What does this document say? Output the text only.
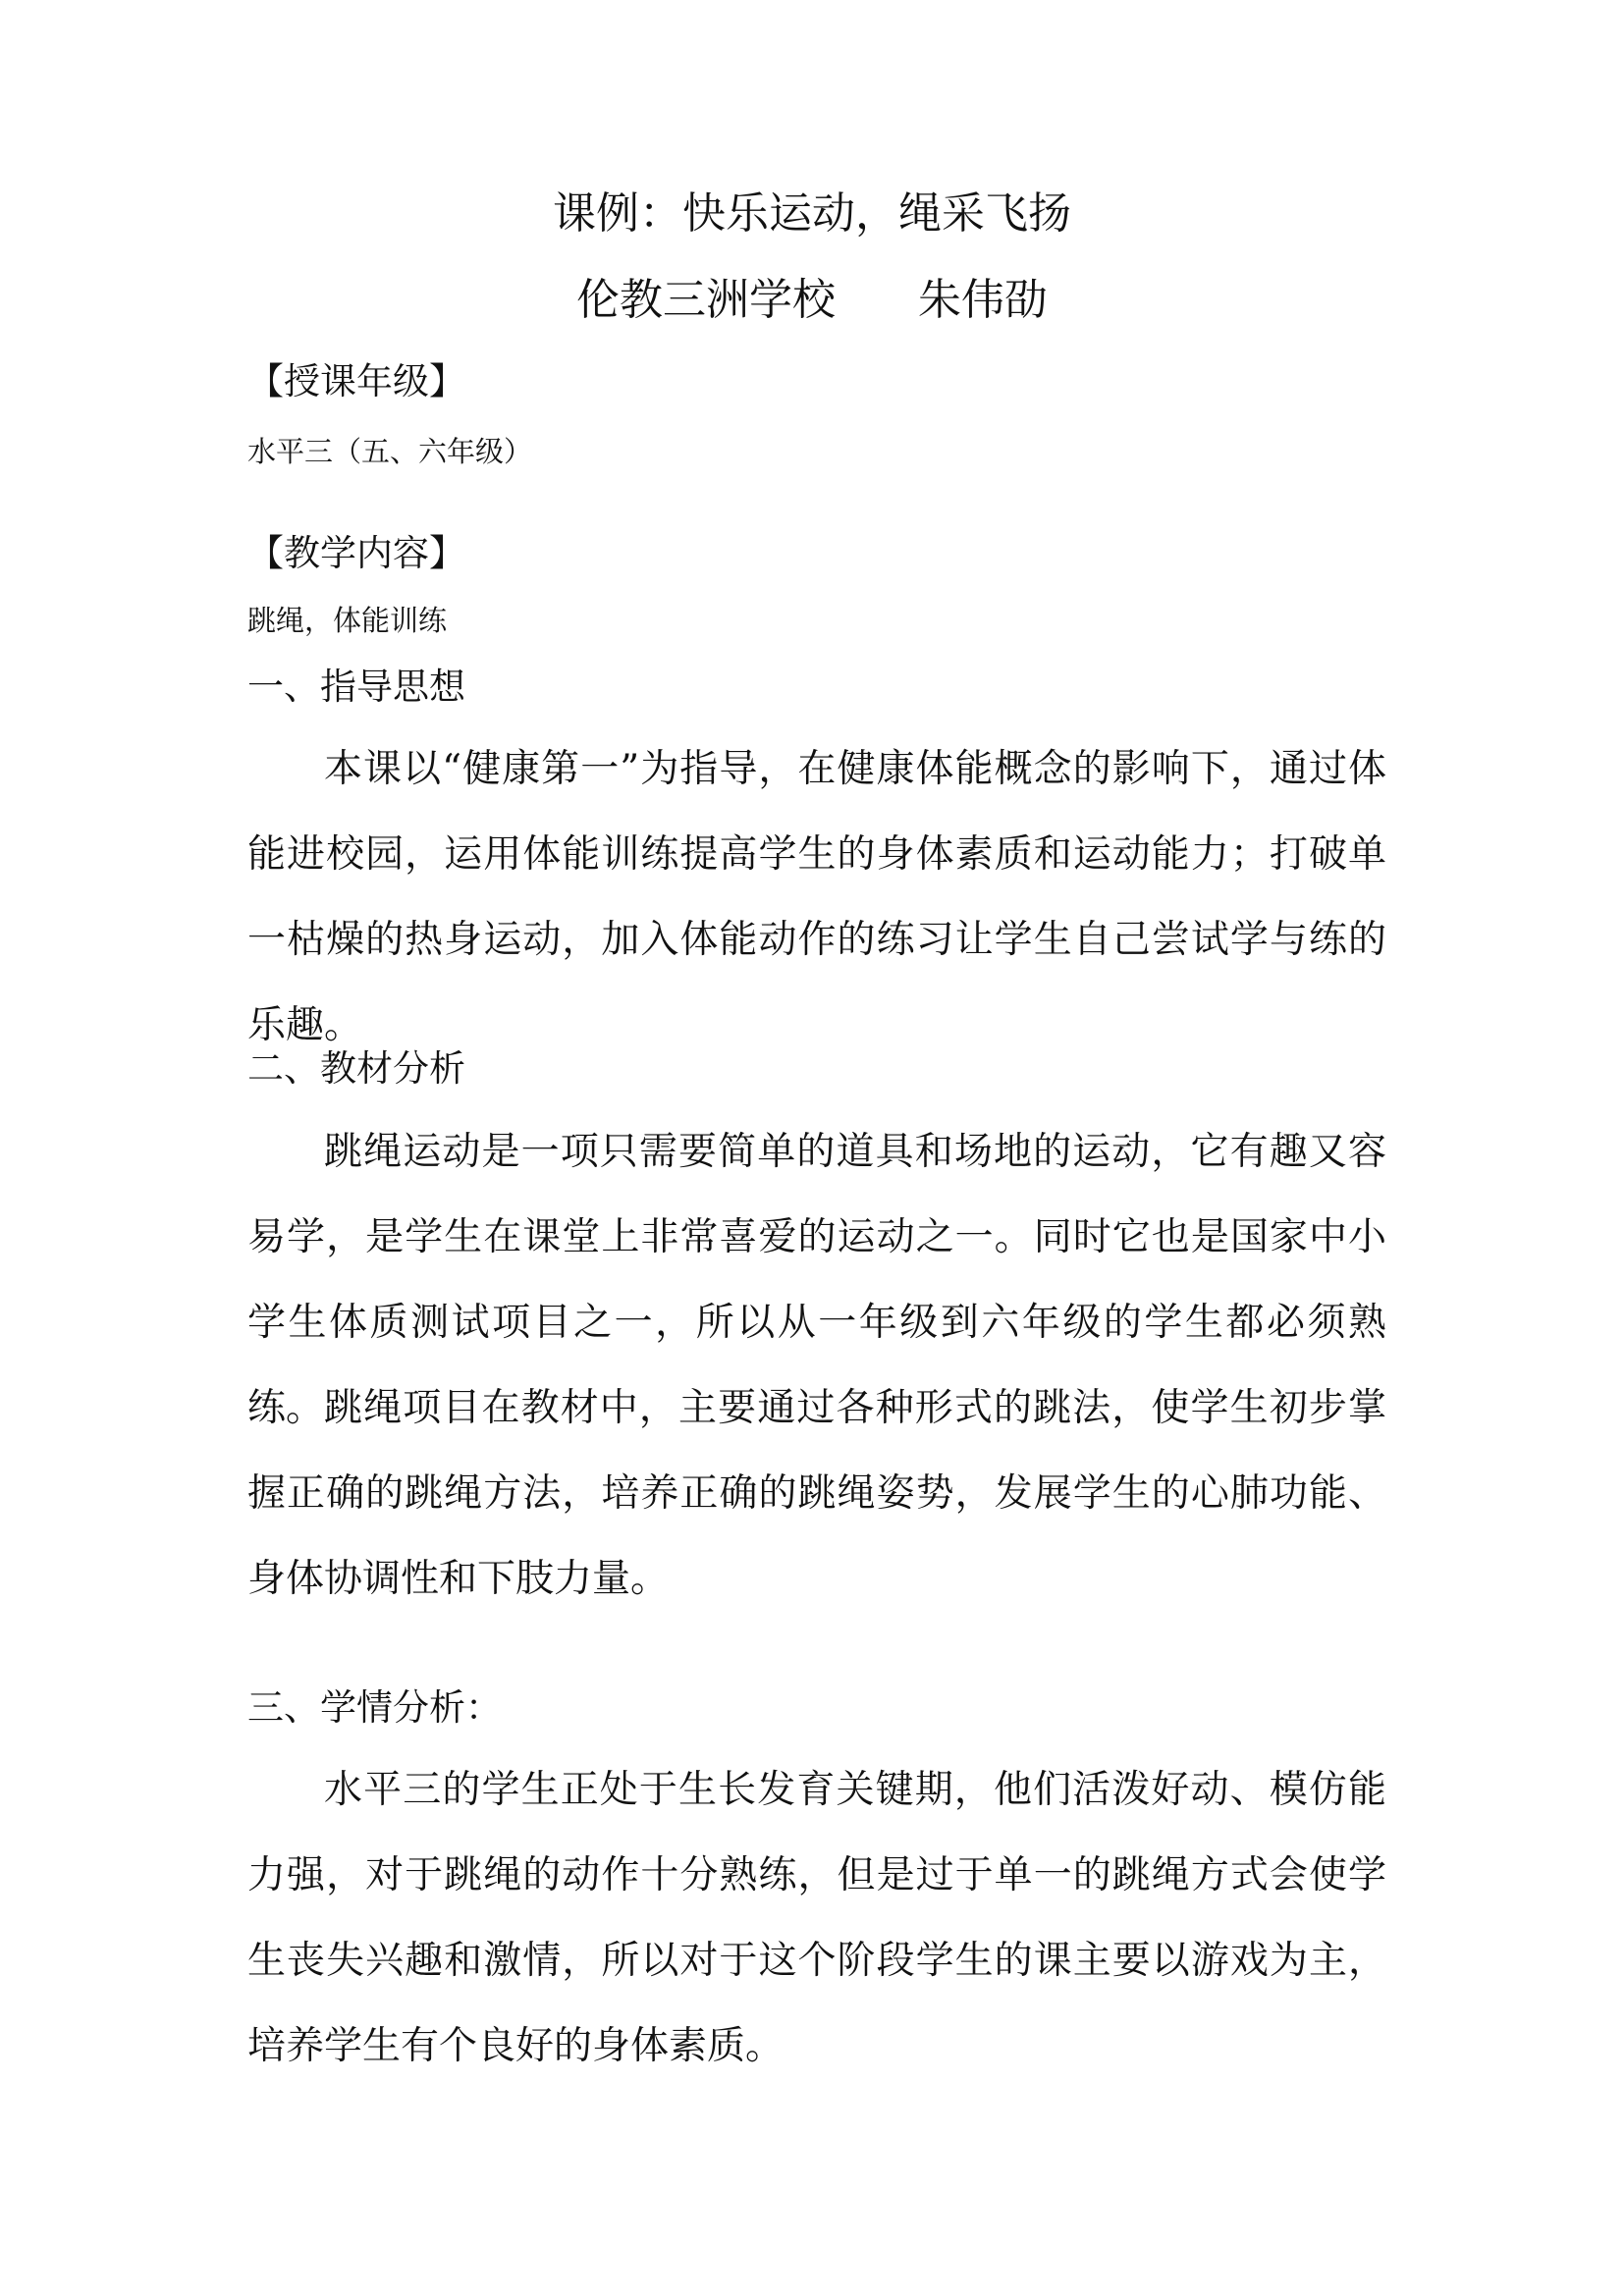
课例：快乐运动，绳采飞扬
伦教三洲学校      朱伟劭
【授课年级】
水平三（五、六年级）
【教学内容】
跳绳，体能训练
一、指导思想
本课以“健康第一”为指导，在健康体能概念的影响下，通过体能进校园，运用体能训练提高学生的身体素质和运动能力；打破单一枯燥的热身运动，加入体能动作的练习让学生自己尝试学与练的乐趣。
二、教材分析
跳绳运动是一项只需要简单的道具和场地的运动，它有趣又容易学，是学生在课堂上非常喜爱的运动之一。同时它也是国家中小学生体质测试项目之一，所以从一年级到六年级的学生都必须熟练。 跳绳项目在教材中，主要通过各种形式的跳法，使学生初步掌握正确的跳绳方法，培养正确的跳绳姿势，发展学生的心肺功能、身体协调性和下肢力量。
三、学情分析：
水平三的学生正处于生长发育关键期，他们活泼好动、模仿能力强，对于跳绳的动作十分熟练，但是过于单一的跳绳方式会使学生丧失兴趣和激情，所以对于这个阶段学生的课主要以游戏为主，培养学生有个良好的身体素质。
